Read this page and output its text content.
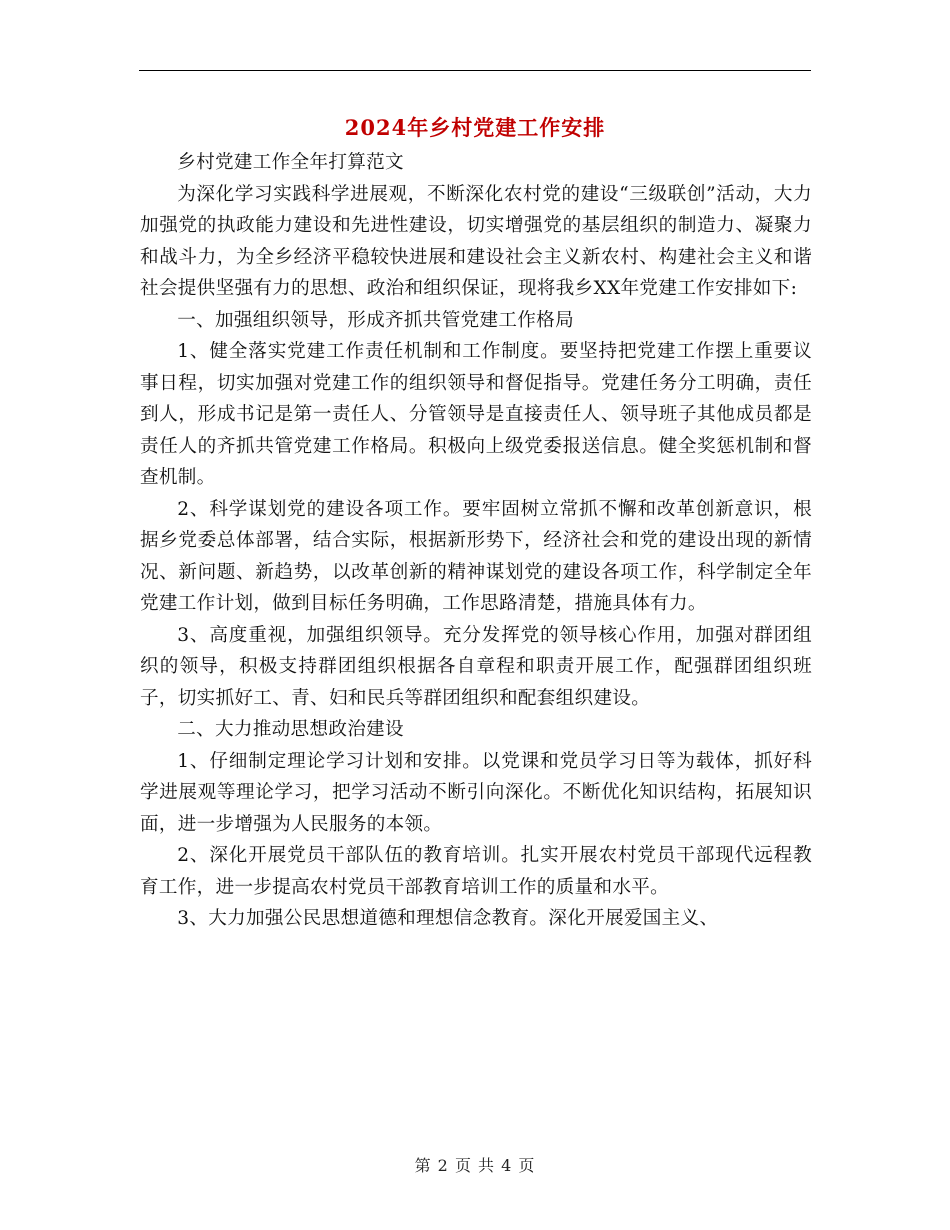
2024年乡村党建工作安排

乡村党建工作全年打算范文

为深化学习实践科学进展观，不断深化农村党的建设“三级联创”活动，大力加强党的执政能力建设和先进性建设，切实增强党的基层组织的制造力、凝聚力和战斗力，为全乡经济平稳较快进展和建设社会主义新农村、构建社会主义和谐社会提供坚强有力的思想、政治和组织保证，现将我乡XX年党建工作安排如下:

一、加强组织领导，形成齐抓共管党建工作格局

1、健全落实党建工作责任机制和工作制度。要坚持把党建工作摆上重要议事日程，切实加强对党建工作的组织领导和督促指导。党建任务分工明确，责任到人，形成书记是第一责任人、分管领导是直接责任人、领导班子其他成员都是责任人的齐抓共管党建工作格局。积极向上级党委报送信息。健全奖惩机制和督查机制。

2、科学谋划党的建设各项工作。要牢固树立常抓不懈和改革创新意识，根据乡党委总体部署，结合实际，根据新形势下，经济社会和党的建设出现的新情况、新问题、新趋势，以改革创新的精神谋划党的建设各项工作，科学制定全年党建工作计划，做到目标任务明确，工作思路清楚，措施具体有力。

3、高度重视，加强组织领导。充分发挥党的领导核心作用，加强对群团组织的领导，积极支持群团组织根据各自章程和职责开展工作，配强群团组织班子，切实抓好工、青、妇和民兵等群团组织和配套组织建设。

二、大力推动思想政治建设

1、仔细制定理论学习计划和安排。以党课和党员学习日等为载体，抓好科学进展观等理论学习，把学习活动不断引向深化。不断优化知识结构，拓展知识面，进一步增强为人民服务的本领。

2、深化开展党员干部队伍的教育培训。扎实开展农村党员干部现代远程教育工作，进一步提高农村党员干部教育培训工作的质量和水平。

3、大力加强公民思想道德和理想信念教育。深化开展爱国主义、

第 2 页 共 4 页
